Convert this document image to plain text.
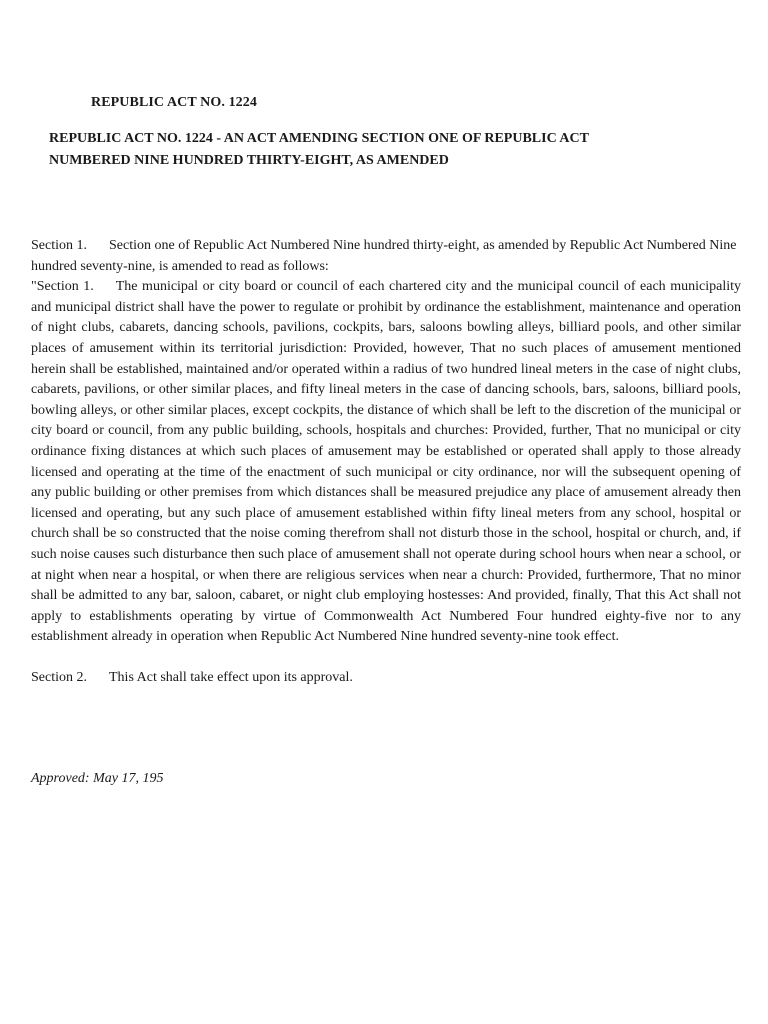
REPUBLIC ACT NO. 1224
REPUBLIC ACT NO. 1224 - AN ACT AMENDING SECTION ONE OF REPUBLIC ACT
NUMBERED NINE HUNDRED THIRTY-EIGHT, AS AMENDED

Section 1. Section one of Republic Act Numbered Nine hundred thirty-eight, as amended by Republic Act Numbered Nine hundred seventy-nine, is amended to read as follows:

"Section 1. The municipal or city board or council of each chartered city and the municipal council of each municipality and municipal district shall have the power to regulate or prohibit by ordinance the establishment, maintenance and operation of night clubs, cabarets, dancing schools, pavilions, cockpits, bars, saloons bowling alleys, billiard pools, and other similar places of amusement within its territorial jurisdiction: Provided, however, That no such places of amusement mentioned herein shall be established, maintained and/or operated within a radius of two hundred lineal meters in the case of night clubs, cabarets, pavilions, or other similar places, and fifty lineal meters in the case of dancing schools, bars, saloons, billiard pools, bowling alleys, or other similar places, except cockpits, the distance of which shall be left to the discretion of the municipal or city board or council, from any public building, schools, hospitals and churches: Provided, further, That no municipal or city ordinance fixing distances at which such places of amusement may be established or operated shall apply to those already licensed and operating at the time of the enactment of such municipal or city ordinance, nor will the subsequent opening of any public building or other premises from which distances shall be measured prejudice any place of amusement already then licensed and operating, but any such place of amusement established within fifty lineal meters from any school, hospital or church shall be so constructed that the noise coming therefrom shall not disturb those in the school, hospital or church, and, if such noise causes such disturbance then such place of amusement shall not operate during school hours when near a school, or at night when near a hospital, or when there are religious services when near a church: Provided, furthermore, That no minor shall be admitted to any bar, saloon, cabaret, or night club employing hostesses: And provided, finally, That this Act shall not apply to establishments operating by virtue of Commonwealth Act Numbered Four hundred eighty-five nor to any establishment already in operation when Republic Act Numbered Nine hundred seventy-nine took effect.

Section 2. This Act shall take effect upon its approval.

Approved: May 17, 195
